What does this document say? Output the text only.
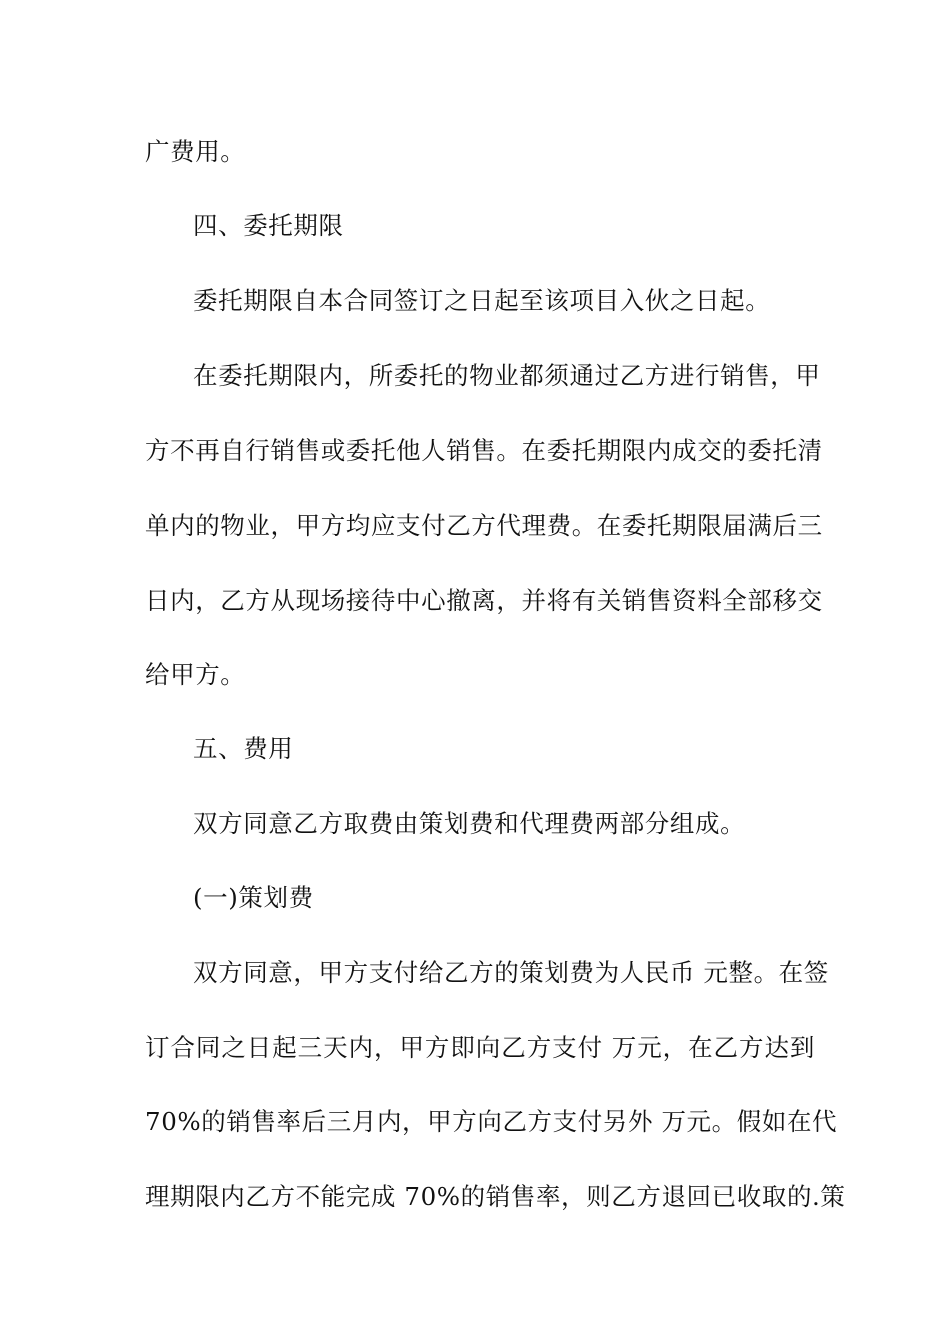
广费用。
四、委托期限
委托期限自本合同签订之日起至该项目入伙之日起。
在委托期限内，所委托的物业都须通过乙方进行销售，甲
方不再自行销售或委托他人销售。在委托期限内成交的委托清
单内的物业，甲方均应支付乙方代理费。在委托期限届满后三
日内，乙方从现场接待中心撤离，并将有关销售资料全部移交
给甲方。
五、费用
双方同意乙方取费由策划费和代理费两部分组成。
(一)策划费
双方同意，甲方支付给乙方的策划费为人民币 元整。在签
订合同之日起三天内，甲方即向乙方支付 万元，在乙方达到
70%的销售率后三月内，甲方向乙方支付另外 万元。假如在代
理期限内乙方不能完成 70%的销售率，则乙方退回已收取的.策
